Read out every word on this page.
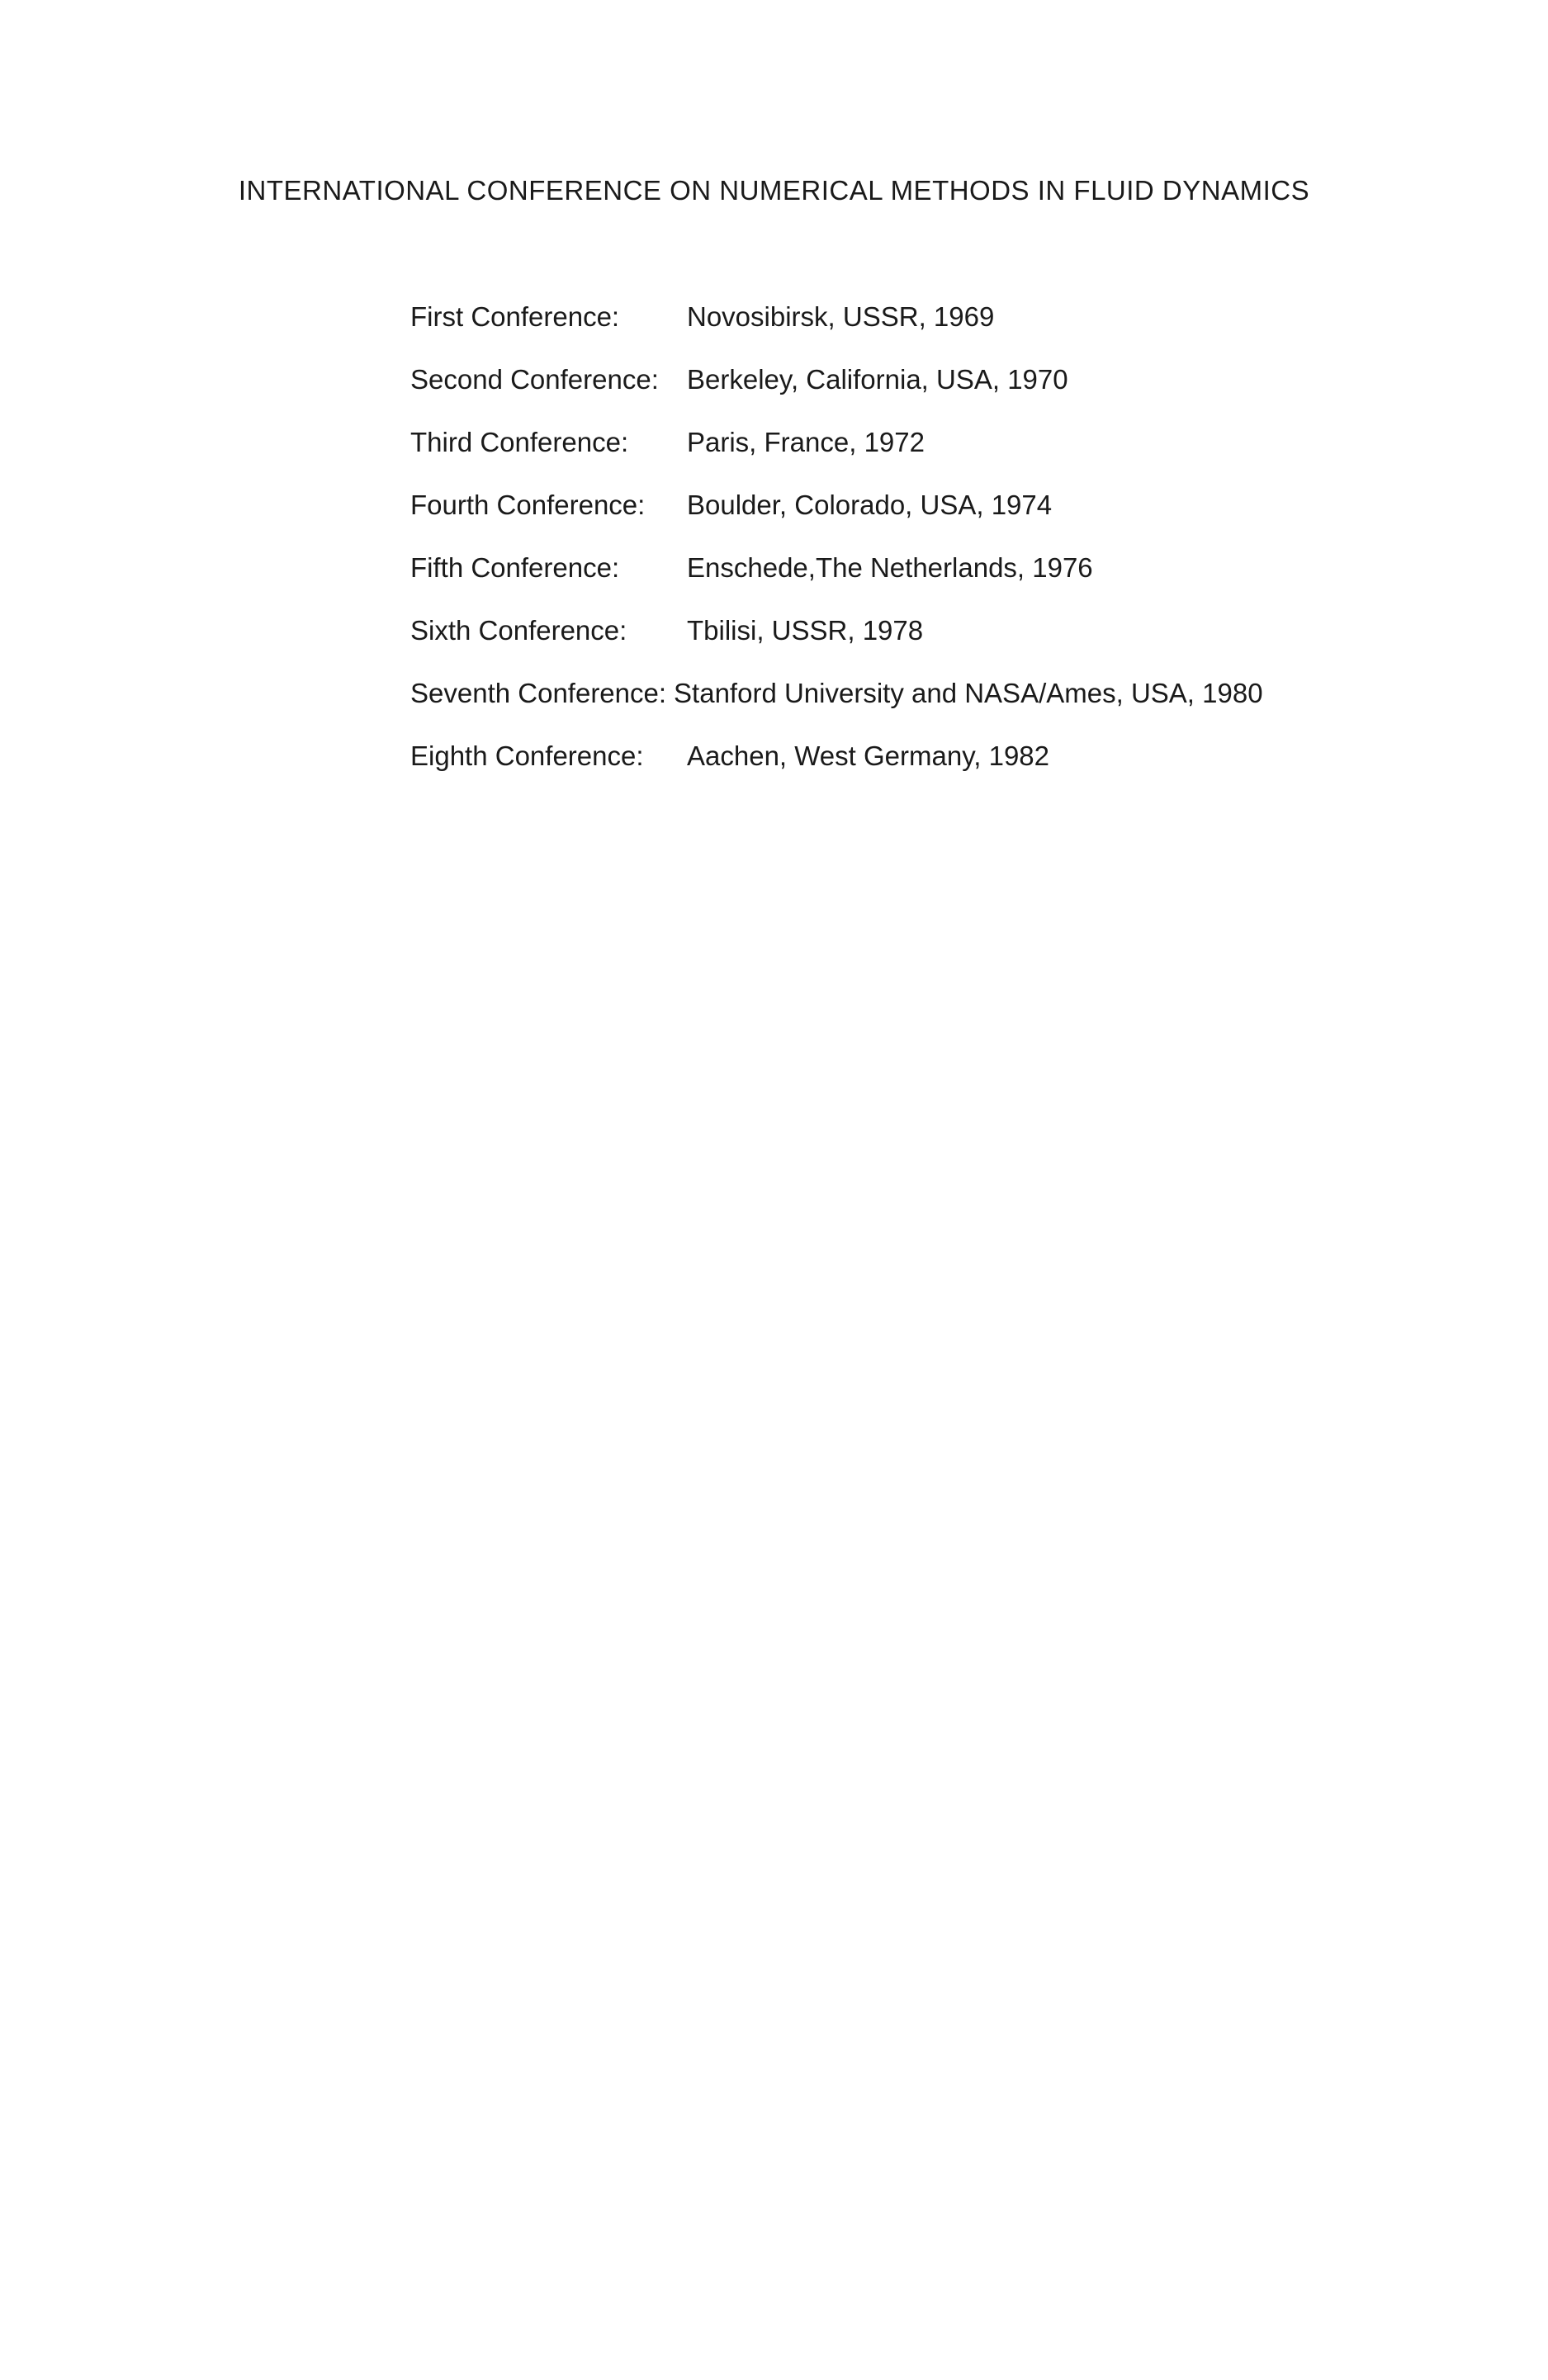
INTERNATIONAL CONFERENCE ON NUMERICAL METHODS IN FLUID DYNAMICS
First Conference:	Novosibirsk, USSR, 1969
Second Conference:	Berkeley, California, USA, 1970
Third Conference:	Paris, France, 1972
Fourth Conference:	Boulder, Colorado, USA, 1974
Fifth Conference:	Enschede,The Netherlands, 1976
Sixth Conference:	Tbilisi, USSR, 1978
Seventh Conference: Stanford University and NASA/Ames, USA, 1980
Eighth Conference:	Aachen, West Germany, 1982
